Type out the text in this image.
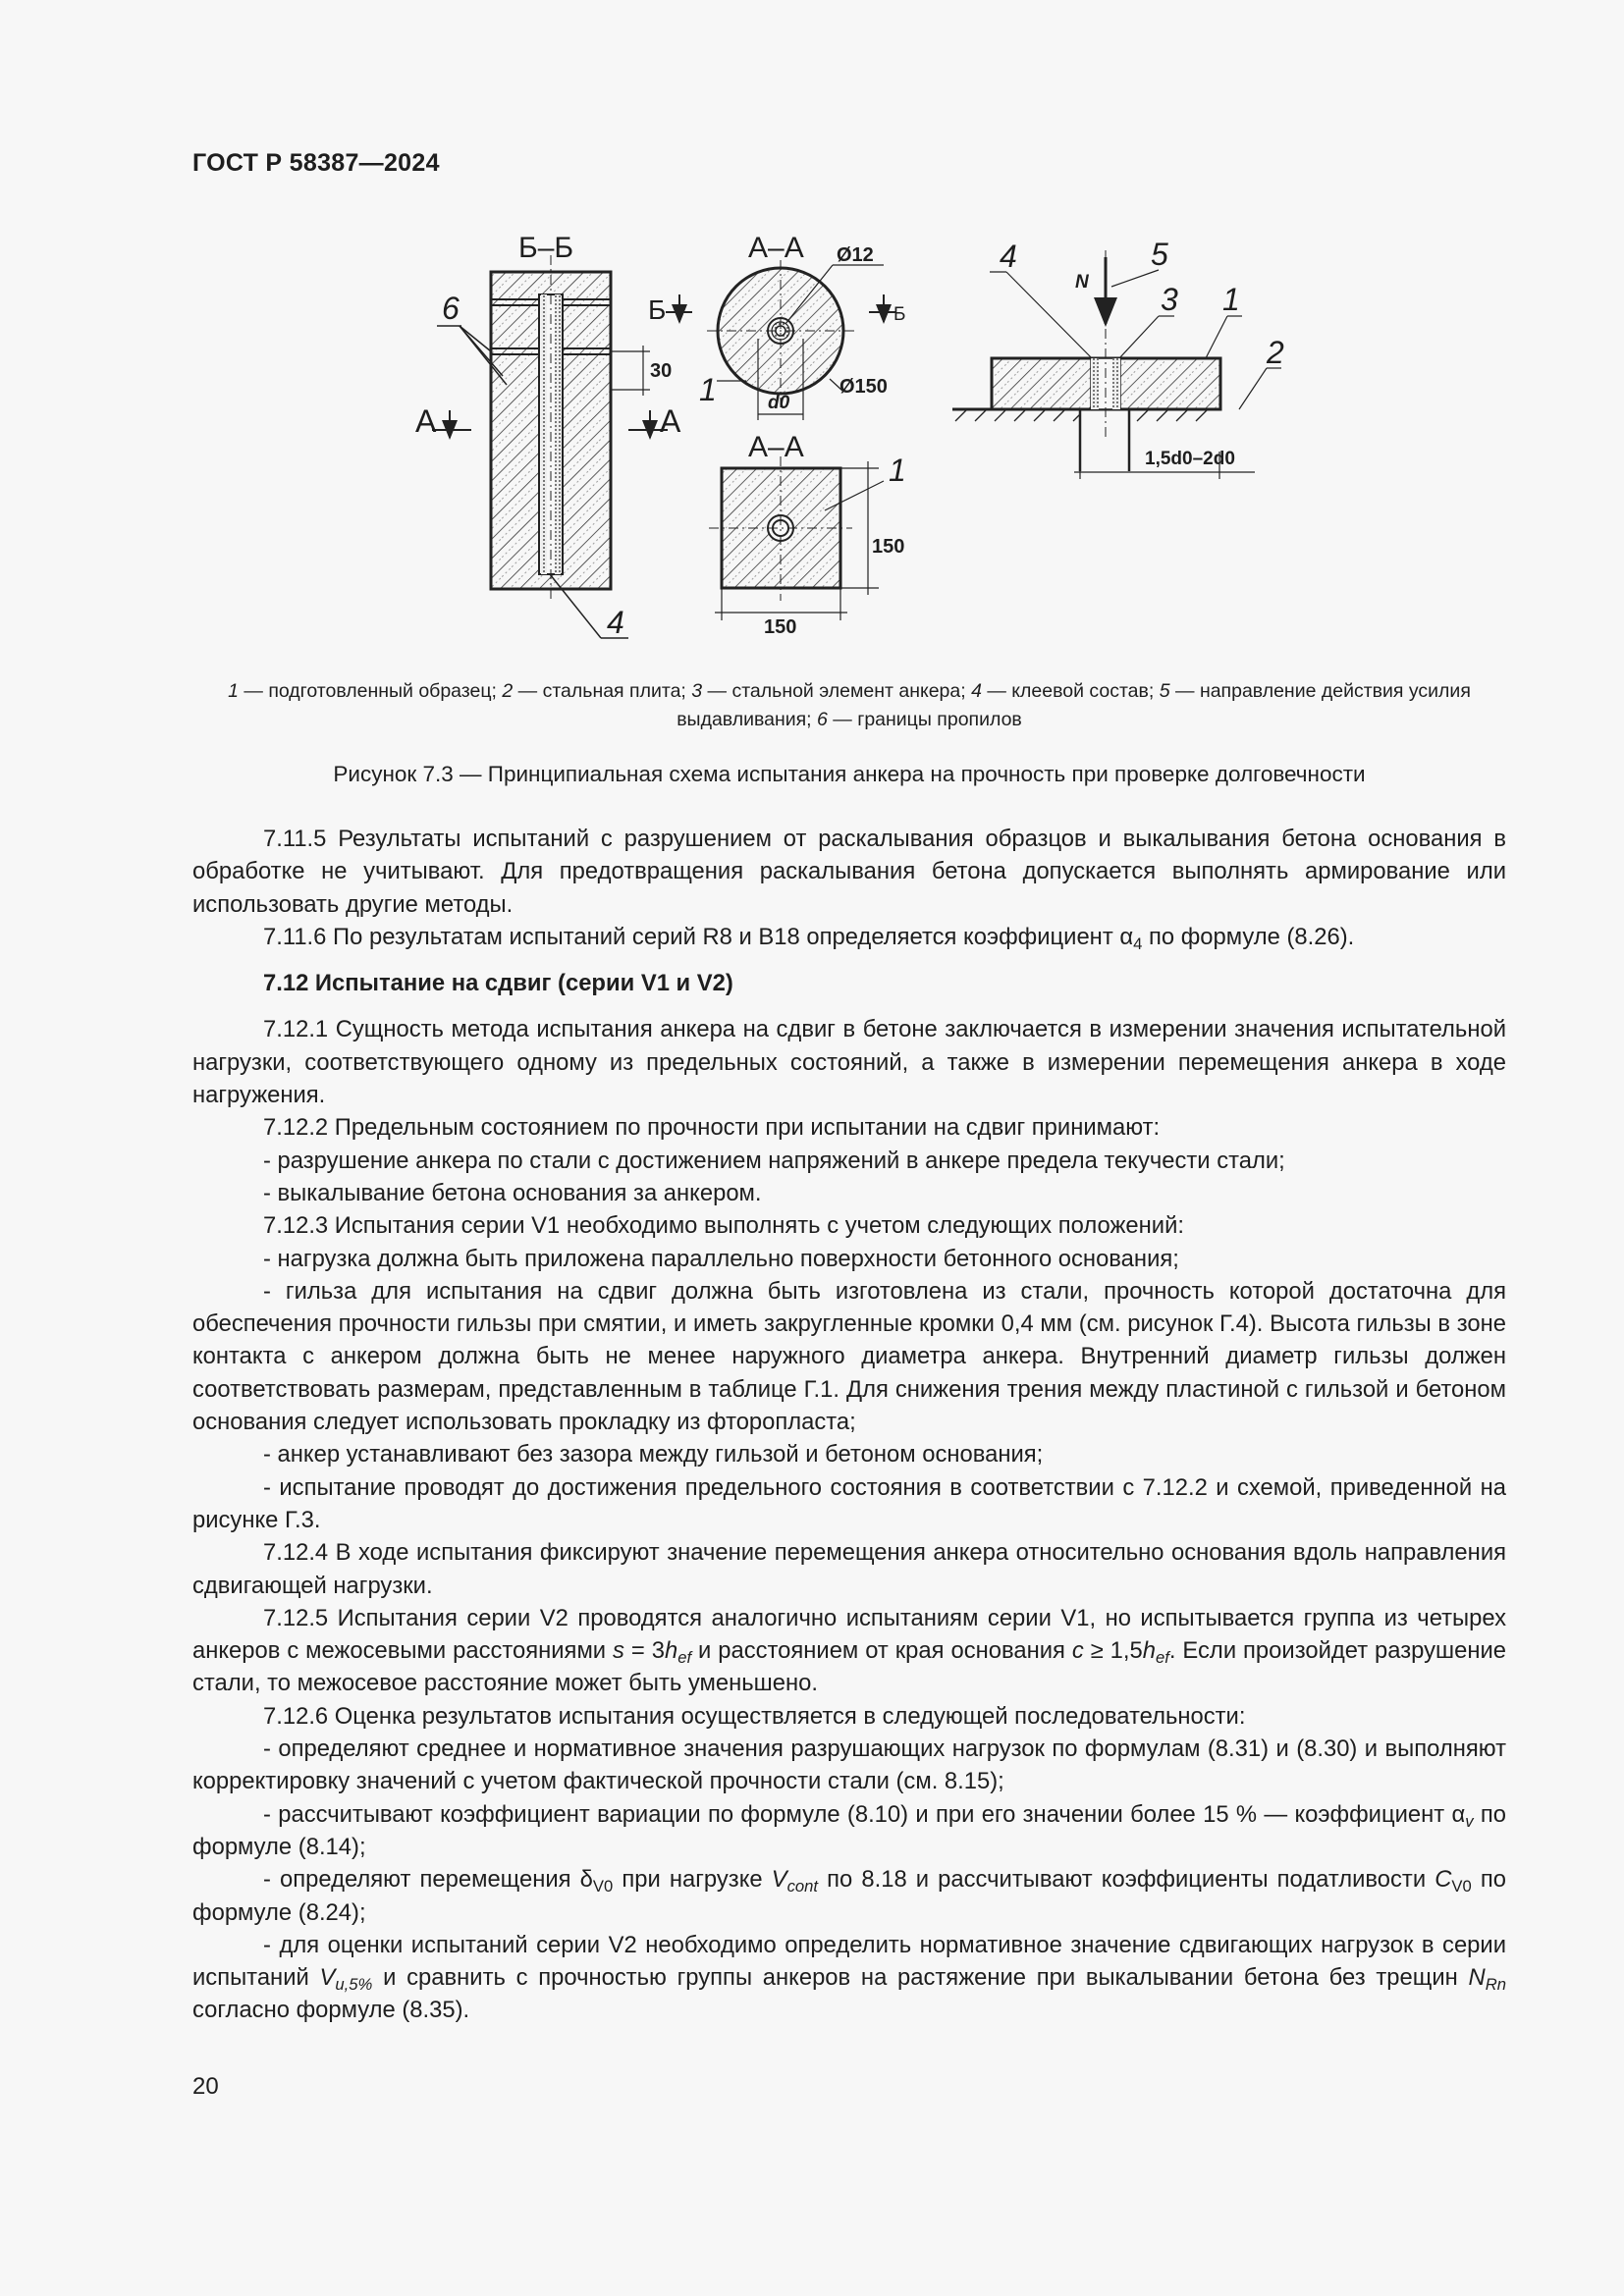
ГОСТ Р 58387—2024
Б–Б	А–А
А–А
А	А
Б	Б
30
Ø12
Ø150
d0
150
150
1,5d0–2d0
N
6
4
1
1
4	5
3 1
2
1 — подготовленный образец; 2 — стальная плита; 3 — стальной элемент анкера; 4 — клеевой состав; 5 — направление действия усилия выдавливания; 6 — границы пропилов
Рисунок 7.3 — Принципиальная схема испытания анкера на прочность при проверке долговечности

7.11.5 Результаты испытаний с разрушением от раскалывания образцов и выкалывания бетона основания в обработке не учитывают. Для предотвращения раскалывания бетона допускается выполнять армирование или использовать другие методы.

7.11.6 По результатам испытаний серий R8 и B18 определяется коэффициент $\alpha_4$ по формуле (8.26).

7.12 Испытание на сдвиг (серии V1 и V2)

7.12.1 Сущность метода испытания анкера на сдвиг в бетоне заключается в измерении значения испытательной нагрузки, соответствующего одному из предельных состояний, а также в измерении перемещения анкера в ходе нагружения.

7.12.2 Предельным состоянием по прочности при испытании на сдвиг принимают:

- разрушение анкера по стали с достижением напряжений в анкере предела текучести стали;

- выкалывание бетона основания за анкером.

7.12.3 Испытания серии V1 необходимо выполнять с учетом следующих положений:

- нагрузка должна быть приложена параллельно поверхности бетонного основания;

- гильза для испытания на сдвиг должна быть изготовлена из стали, прочность которой достаточна для обеспечения прочности гильзы при смятии, и иметь закругленные кромки 0,4 мм (см. рисунок Г.4). Высота гильзы в зоне контакта с анкером должна быть не менее наружного диаметра анкера. Внутренний диаметр гильзы должен соответствовать размерам, представленным в таблице Г.1. Для снижения трения между пластиной с гильзой и бетоном основания следует использовать прокладку из фторопласта;

- анкер устанавливают без зазора между гильзой и бетоном основания;

- испытание проводят до достижения предельного состояния в соответствии с 7.12.2 и схемой, приведенной на рисунке Г.3.

7.12.4 В ходе испытания фиксируют значение перемещения анкера относительно основания вдоль направления сдвигающей нагрузки.

7.12.5 Испытания серии V2 проводятся аналогично испытаниям серии V1, но испытывается группа из четырех анкеров с межосевыми расстояниями $s = 3h_{ef}$ и расстоянием от края основания $c \ge 1,5h_{ef}$. Если произойдет разрушение стали, то межосевое расстояние может быть уменьшено.

7.12.6 Оценка результатов испытания осуществляется в следующей последовательности:

- определяют среднее и нормативное значения разрушающих нагрузок по формулам (8.31) и (8.30) и выполняют корректировку значений с учетом фактической прочности стали (см. 8.15);

- рассчитывают коэффициент вариации по формуле (8.10) и при его значении более 15 % — коэффициент $\alpha_v$ по формуле (8.14);

- определяют перемещения $\delta_{V0}$ при нагрузке $V_{cont}$ по 8.18 и рассчитывают коэффициенты податливости $C_{V0}$ по формуле (8.24);

- для оценки испытаний серии V2 необходимо определить нормативное значение сдвигающих нагрузок в серии испытаний $V_{u,5\%}$ и сравнить с прочностью группы анкеров на растяжение при выкалывании бетона без трещин $N_{Rn}$ согласно формуле (8.35).

20
